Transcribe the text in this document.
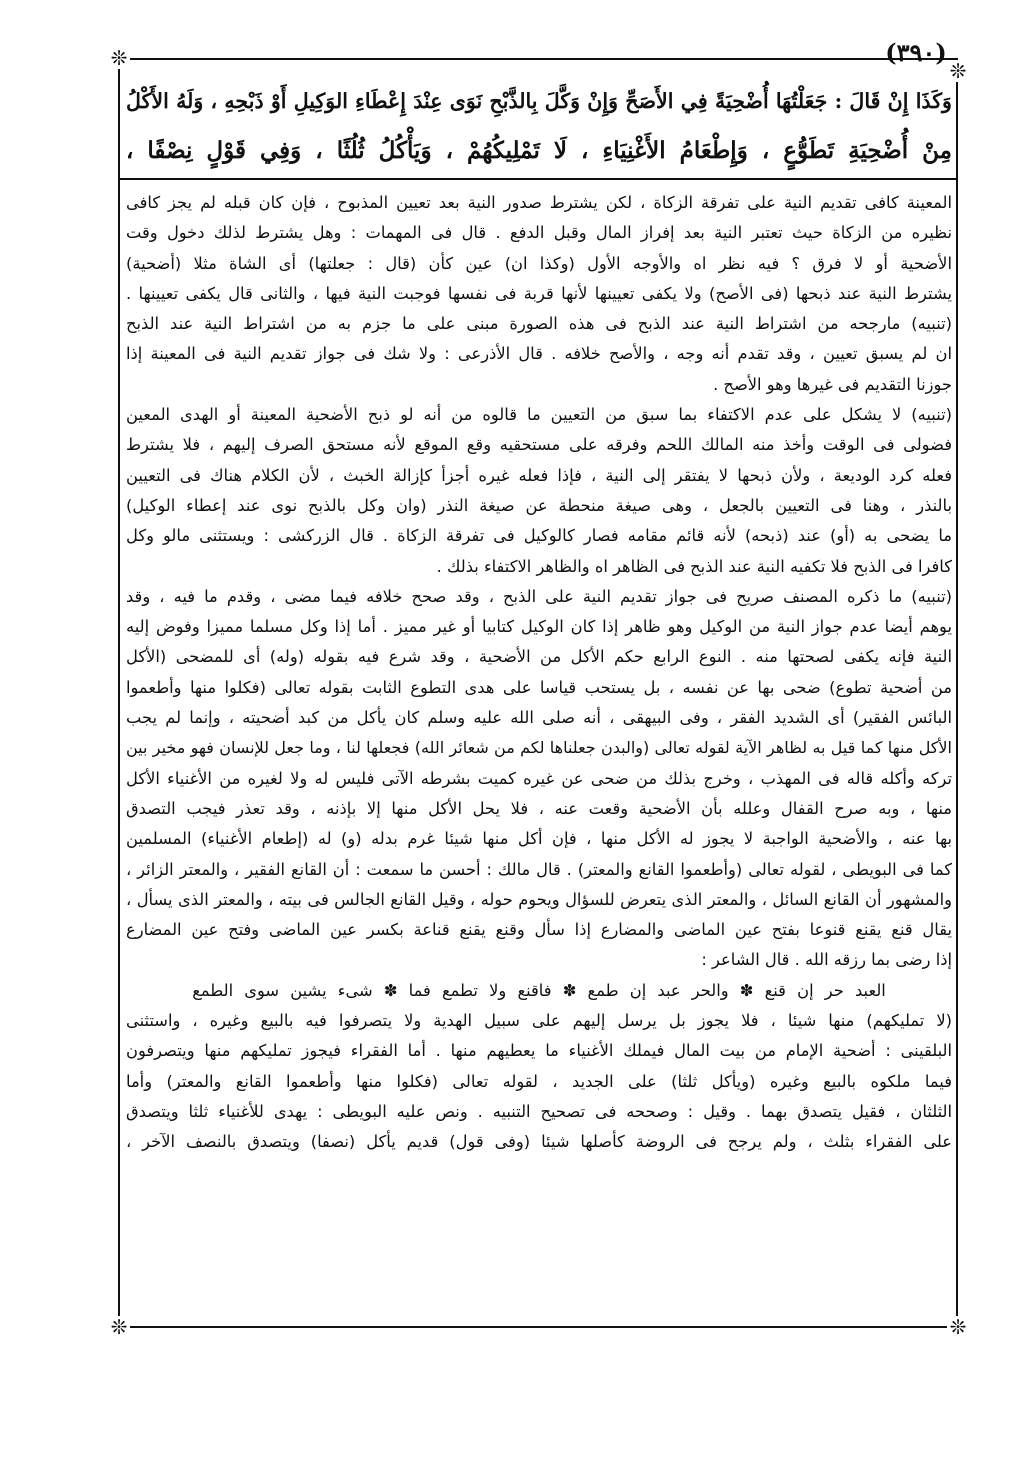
❊
❊
❊	❊
(٣٩٠)

وَكَذَا إِنْ قَالَ : جَعَلْتُهَا أُضْحِيَةً فِي الأَصَحِّ وَإِنْ وَكَّلَ بِالذَّبْحِ نَوَى عِنْدَ إِعْطَاءِ الوَكِيلِ أَوْ ذَبْحِهِ ، وَلَهُ الأَكْلُ

مِنْ أُضْحِيَةِ تَطَوُّعٍ ، وَإِطْعَامُ الأَغْنِيَاءِ ، لَا تَمْلِيكُهُمْ ، وَيَأْكُلُ ثُلُثًا ، وَفِي قَوْلٍ نِصْفًا ،

المعينة كافى تقديم النية على تفرقة الزكاة ، لكن يشترط صدور النية بعد تعيين المذبوح ، فإن كان قبله لم يجز كافى

نظيره من الزكاة حيث تعتبر النية بعد إفراز المال وقبل الدفع . قال فى المهمات : وهل يشترط لذلك دخول وقت

الأضحية أو لا فرق ؟ فيه نظر اه والأوجه الأول (وكذا ان) عين كأن (قال : جعلتها) أى الشاة مثلا (أضحية)

يشترط النية عند ذبحها (فى الأصح) ولا يكفى تعيينها لأنها قربة فى نفسها فوجبت النية فيها ، والثانى قال يكفى تعيينها .

(تنبيه) مارجحه من اشتراط النية عند الذبح فى هذه الصورة مبنى على ما جزم به من اشتراط النية عند الذبح

ان لم يسبق تعيين ، وقد تقدم أنه وجه ، والأصح خلافه . قال الأذرعى : ولا شك فى جواز تقديم النية فى المعينة إذا

جوزنا التقديم فى غيرها وهو الأصح .

(تنبيه) لا يشكل على عدم الاكتفاء بما سبق من التعيين ما قالوه من أنه لو ذبح الأضحية المعينة أو الهدى المعين

فضولى فى الوقت وأخذ منه المالك اللحم وفرقه على مستحقيه وقع الموقع لأنه مستحق الصرف إليهم ، فلا يشترط

فعله كرد الوديعة ، ولأن ذبحها لا يفتقر إلى النية ، فإذا فعله غيره أجزأ كإزالة الخبث ، لأن الكلام هناك فى التعيين

بالنذر ، وهنا فى التعيين بالجعل ، وهى صيغة منحطة عن صيغة النذر (وان وكل بالذبح نوى عند إعطاء الوكيل)

ما يضحى به (أو) عند (ذبحه) لأنه قائم مقامه فصار كالوكيل فى تفرقة الزكاة . قال الزركشى : ويستثنى مالو وكل

كافرا فى الذبح فلا تكفيه النية عند الذبح فى الظاهر اه والظاهر الاكتفاء بذلك .

(تنبيه) ما ذكره المصنف صريح فى جواز تقديم النية على الذبح ، وقد صحح خلافه فيما مضى ، وقدم ما فيه ، وقد

يوهم أيضا عدم جواز النية من الوكيل وهو ظاهر إذا كان الوكيل كتابيا أو غير مميز . أما إذا وكل مسلما مميزا وفوض إليه

النية فإنه يكفى لصحتها منه . النوع الرابع حكم الأكل من الأضحية ، وقد شرع فيه بقوله (وله) أى للمضحى (الأكل

من أضحية تطوع) ضحى بها عن نفسه ، بل يستحب قياسا على هدى التطوع الثابت بقوله تعالى (فكلوا منها وأطعموا

البائس الفقير) أى الشديد الفقر ، وفى البيهقى ، أنه صلى الله عليه وسلم كان يأكل من كبد أضحيته ، وإنما لم يجب

الأكل منها كما قيل به لظاهر الآية لقوله تعالى (والبدن جعلناها لكم من شعائر الله) فجعلها لنا ، وما جعل للإنسان فهو مخير بين

تركه وأكله قاله فى المهذب ، وخرج بذلك من ضحى عن غيره كميت بشرطه الآتى فليس له ولا لغيره من الأغنياء الأكل

منها ، وبه صرح القفال وعلله بأن الأضحية وقعت عنه ، فلا يحل الأكل منها إلا بإذنه ، وقد تعذر فيجب التصدق

بها عنه ، والأضحية الواجبة لا يجوز له الأكل منها ، فإن أكل منها شيئا غرم بدله (و) له (إطعام الأغنياء) المسلمين

كما فى البويطى ، لقوله تعالى (وأطعموا القانع والمعتر) . قال مالك : أحسن ما سمعت : أن القانع الفقير ، والمعتر الزائر ،

والمشهور أن القانع السائل ، والمعتر الذى يتعرض للسؤال ويحوم حوله ، وقيل القانع الجالس فى بيته ، والمعتر الذى يسأل ،

يقال قنع يقنع قنوعا بفتح عين الماضى والمضارع إذا سأل وقنع يقنع قناعة بكسر عين الماضى وفتح عين المضارع

إذا رضى بما رزقه الله . قال الشاعر :

العبد حر إن قنع ✽ والحر عبد إن طمع ✽ فاقنع ولا تطمع فما ✽ شىء يشين سوى الطمع

(لا تمليكهم) منها شيئا ، فلا يجوز بل يرسل إليهم على سبيل الهدية ولا يتصرفوا فيه بالبيع وغيره ، واستثنى

البلقينى : أضحية الإمام من بيت المال فيملك الأغنياء ما يعطيهم منها . أما الفقراء فيجوز تمليكهم منها ويتصرفون

فيما ملكوه بالبيع وغيره (ويأكل ثلثا) على الجديد ، لقوله تعالى (فكلوا منها وأطعموا القانع والمعتر) وأما

الثلثان ، فقيل يتصدق بهما . وقيل : وصححه فى تصحيح التنبيه . ونص عليه البويطى : يهدى للأغنياء ثلثا ويتصدق

على الفقراء بثلث ، ولم يرجح فى الروضة كأصلها شيئا (وفى قول) قديم يأكل (نصفا) ويتصدق بالنصف الآخر ،
